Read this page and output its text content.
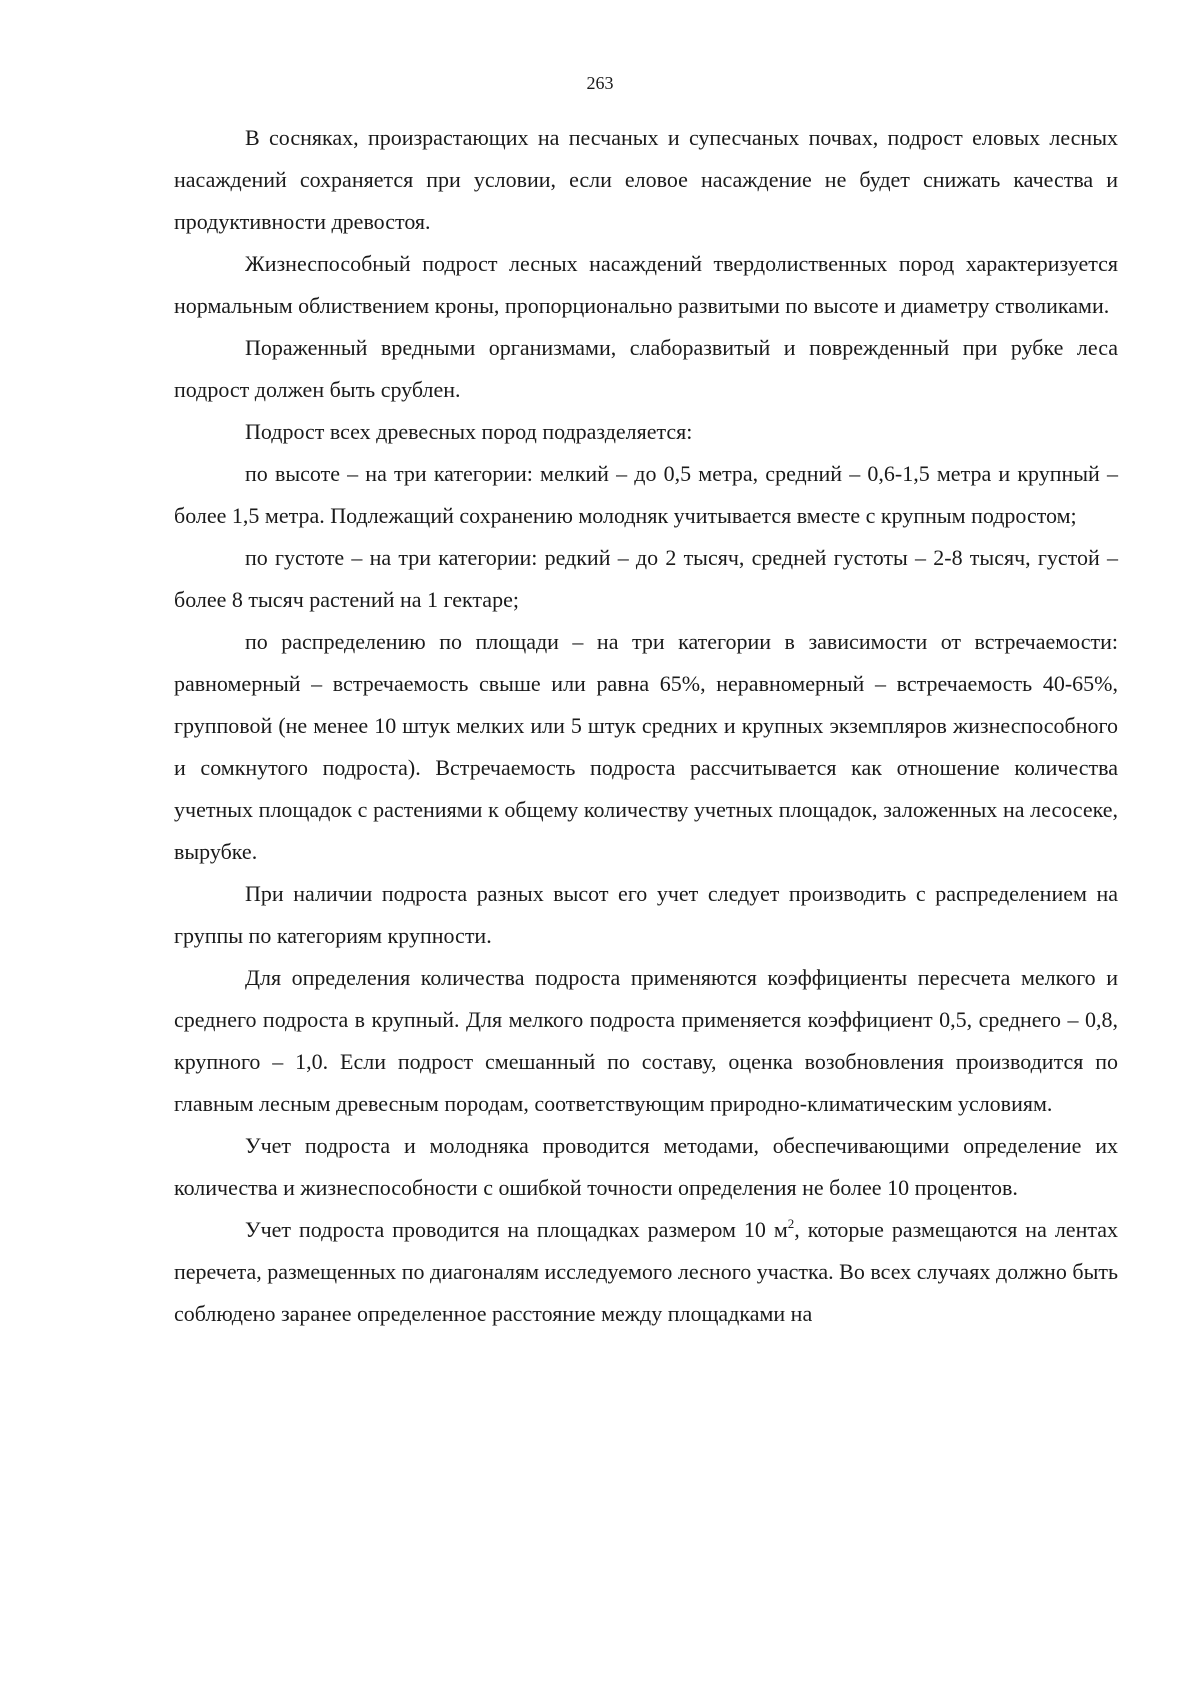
263

В сосняках, произрастающих на песчаных и супесчаных почвах, подрост еловых лесных насаждений сохраняется при условии, если еловое насаждение не будет снижать качества и продуктивности древостоя.

Жизнеспособный подрост лесных насаждений твердолиственных пород характеризуется нормальным облиствением кроны, пропорционально развитыми по высоте и диаметру стволиками.

Пораженный вредными организмами, слаборазвитый и поврежденный при рубке леса подрост должен быть срублен.

Подрост всех древесных пород подразделяется:

по высоте – на три категории: мелкий – до 0,5 метра, средний – 0,6-1,5 метра и крупный – более 1,5 метра. Подлежащий сохранению молодняк учитывается вместе с крупным подростом;

по густоте – на три категории: редкий – до 2 тысяч, средней густоты – 2-8 тысяч, густой – более 8 тысяч растений на 1 гектаре;

по распределению по площади – на три категории в зависимости от встречаемости: равномерный – встречаемость свыше или равна 65%, неравномерный – встречаемость 40-65%, групповой (не менее 10 штук мелких или 5 штук средних и крупных экземпляров жизнеспособного и сомкнутого подроста). Встречаемость подроста рассчитывается как отношение количества учетных площадок с растениями к общему количеству учетных площадок, заложенных на лесосеке, вырубке.

При наличии подроста разных высот его учет следует производить с распределением на группы по категориям крупности.

Для определения количества подроста применяются коэффициенты пересчета мелкого и среднего подроста в крупный. Для мелкого подроста применяется коэффициент 0,5, среднего – 0,8, крупного – 1,0. Если подрост смешанный по составу, оценка возобновления производится по главным лесным древесным породам, соответствующим природно-климатическим условиям.

Учет подроста и молодняка проводится методами, обеспечивающими определение их количества и жизнеспособности с ошибкой точности определения не более 10 процентов.

Учет подроста проводится на площадках размером 10 $м^2$, которые размещаются на лентах перечета, размещенных по диагоналям исследуемого лесного участка. Во всех случаях должно быть соблюдено заранее определенное расстояние между площадками на
